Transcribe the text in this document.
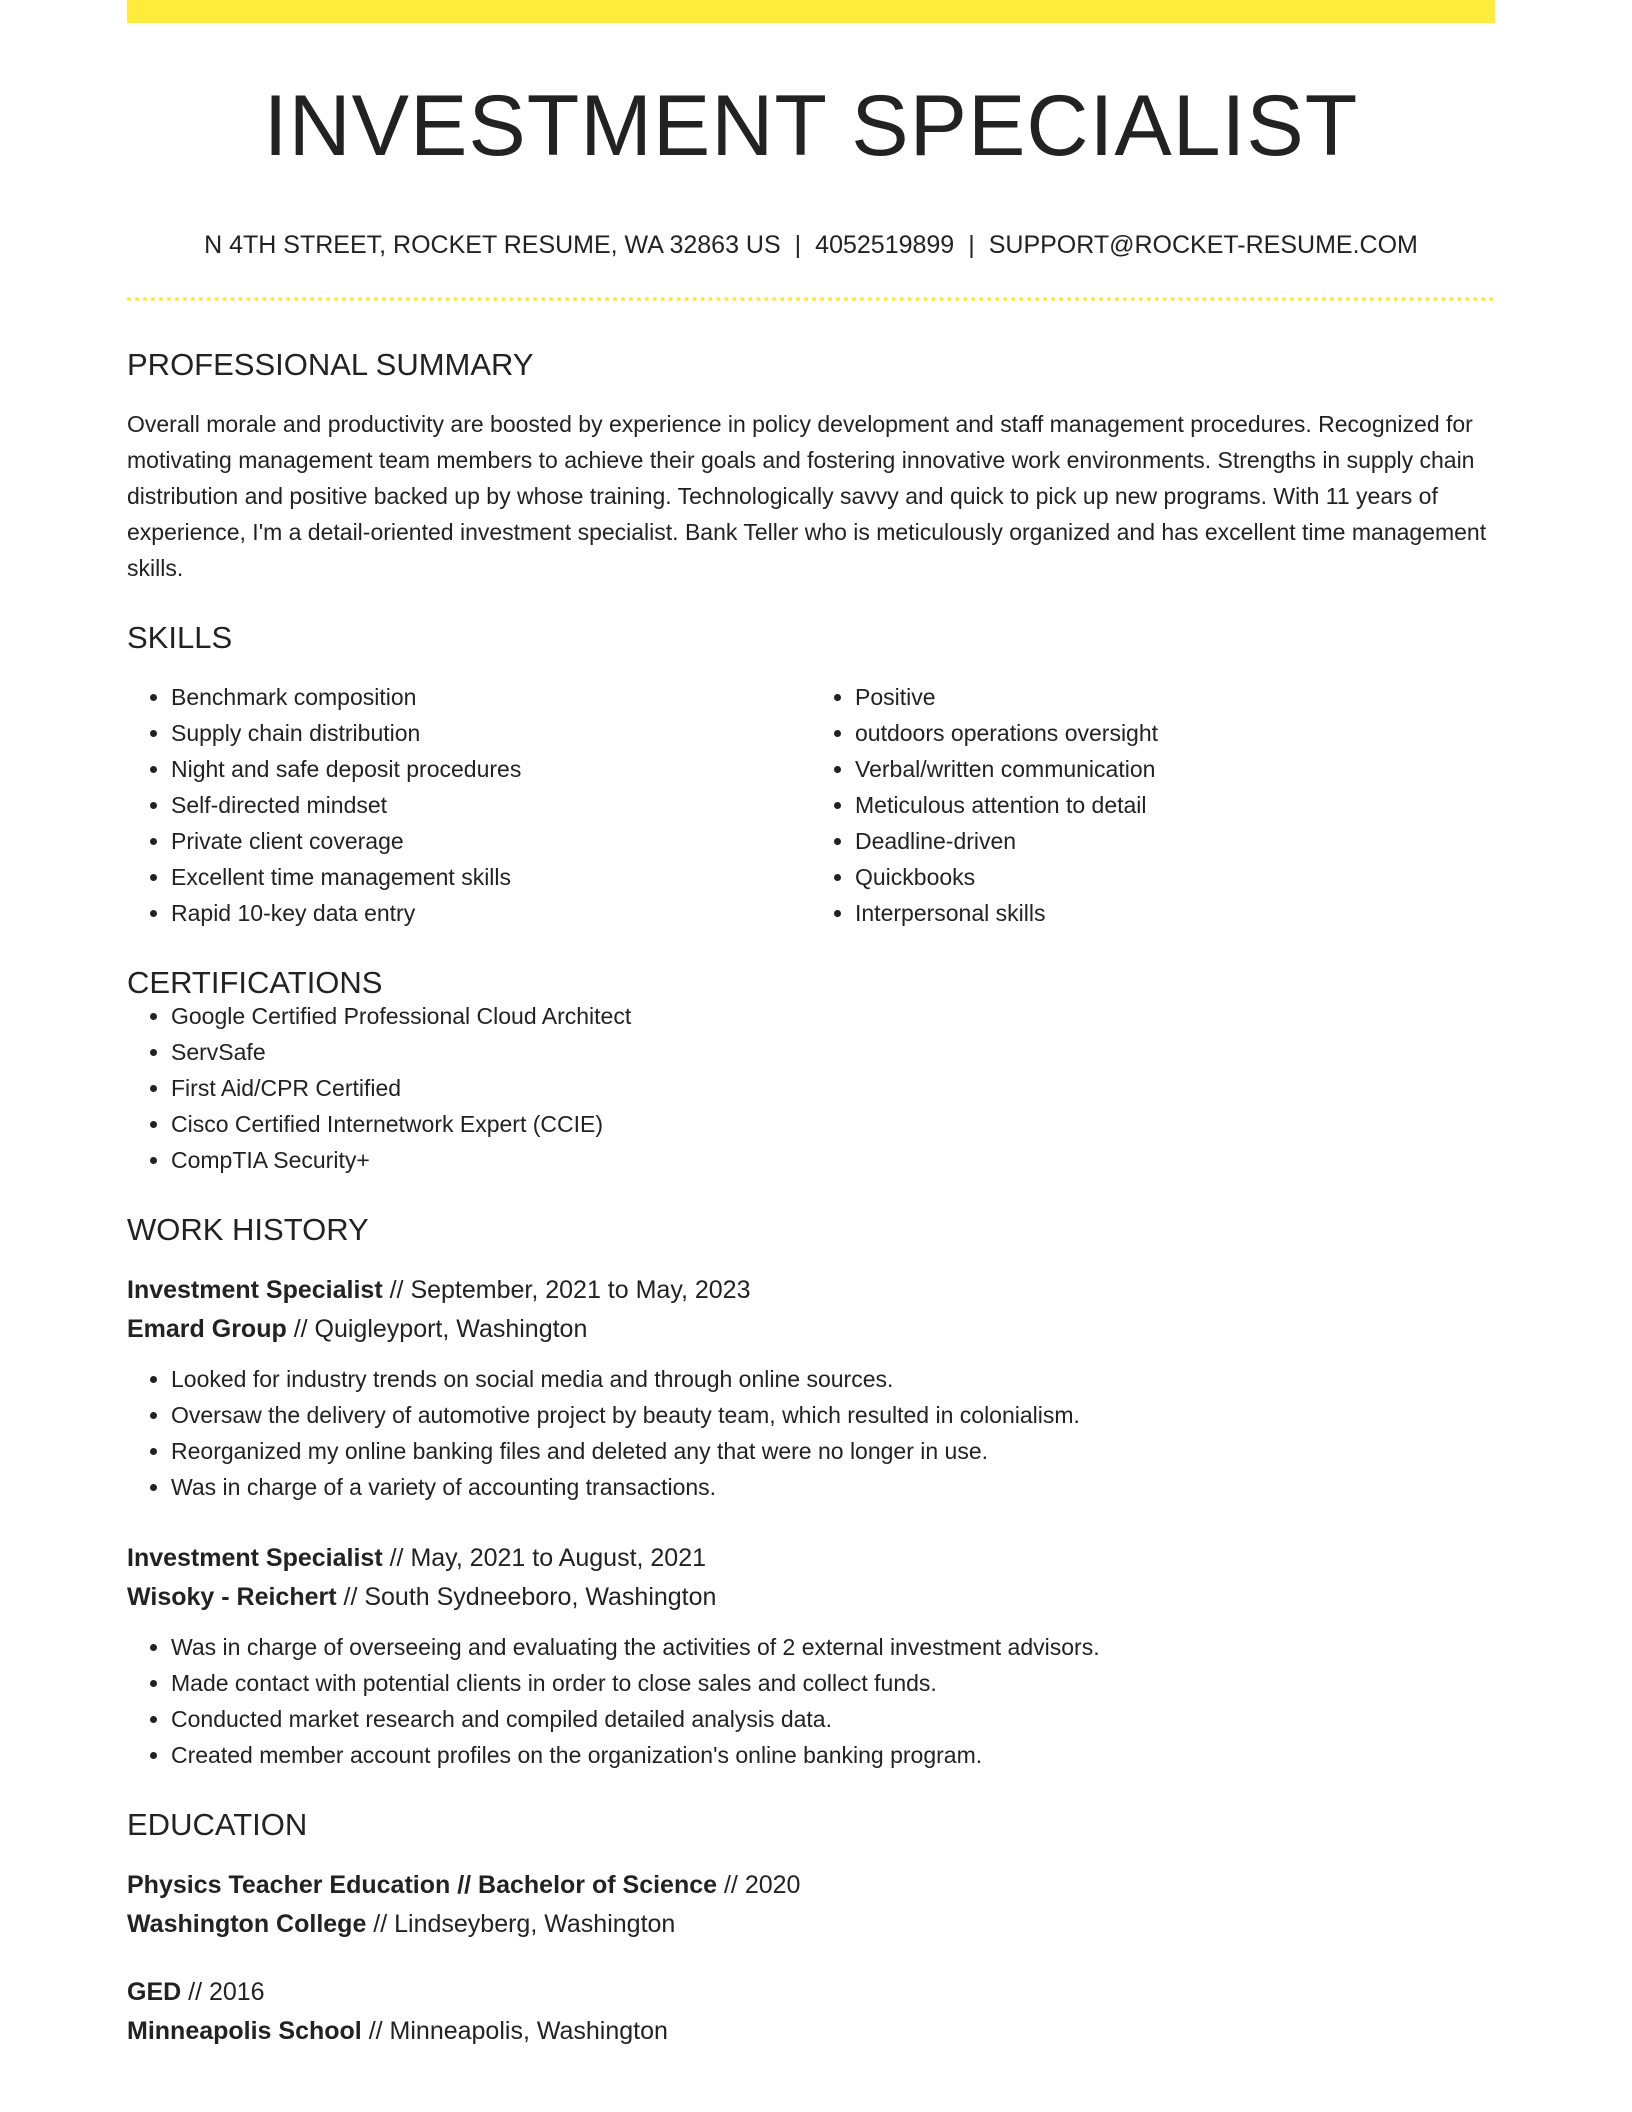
INVESTMENT SPECIALIST
N 4TH STREET, ROCKET RESUME, WA 32863 US | 4052519899 | SUPPORT@ROCKET-RESUME.COM
PROFESSIONAL SUMMARY

Overall morale and productivity are boosted by experience in policy development and staff management procedures. Recognized for motivating management team members to achieve their goals and fostering innovative work environments. Strengths in supply chain distribution and positive backed up by whose training. Technologically savvy and quick to pick up new programs. With 11 years of experience, I'm a detail-oriented investment specialist. Bank Teller who is meticulously organized and has excellent time management skills.

SKILLS
• Benchmark composition
• Supply chain distribution
• Night and safe deposit procedures
• Self-directed mindset
• Private client coverage
• Excellent time management skills
• Rapid 10-key data entry
• Positive
• outdoors operations oversight
• Verbal/written communication
• Meticulous attention to detail
• Deadline-driven
• Quickbooks
• Interpersonal skills
CERTIFICATIONS
• Google Certified Professional Cloud Architect
• ServSafe
• First Aid/CPR Certified
• Cisco Certified Internetwork Expert (CCIE)
• CompTIA Security+
WORK HISTORY
Investment Specialist // September, 2021 to May, 2023
Emard Group // Quigleyport, Washington
• Looked for industry trends on social media and through online sources.
• Oversaw the delivery of automotive project by beauty team, which resulted in colonialism.
• Reorganized my online banking files and deleted any that were no longer in use.
• Was in charge of a variety of accounting transactions.
Investment Specialist // May, 2021 to August, 2021
Wisoky - Reichert // South Sydneeboro, Washington
• Was in charge of overseeing and evaluating the activities of 2 external investment advisors.
• Made contact with potential clients in order to close sales and collect funds.
• Conducted market research and compiled detailed analysis data.
• Created member account profiles on the organization's online banking program.
EDUCATION
Physics Teacher Education // Bachelor of Science // 2020
Washington College // Lindseyberg, Washington
GED // 2016
Minneapolis School // Minneapolis, Washington
